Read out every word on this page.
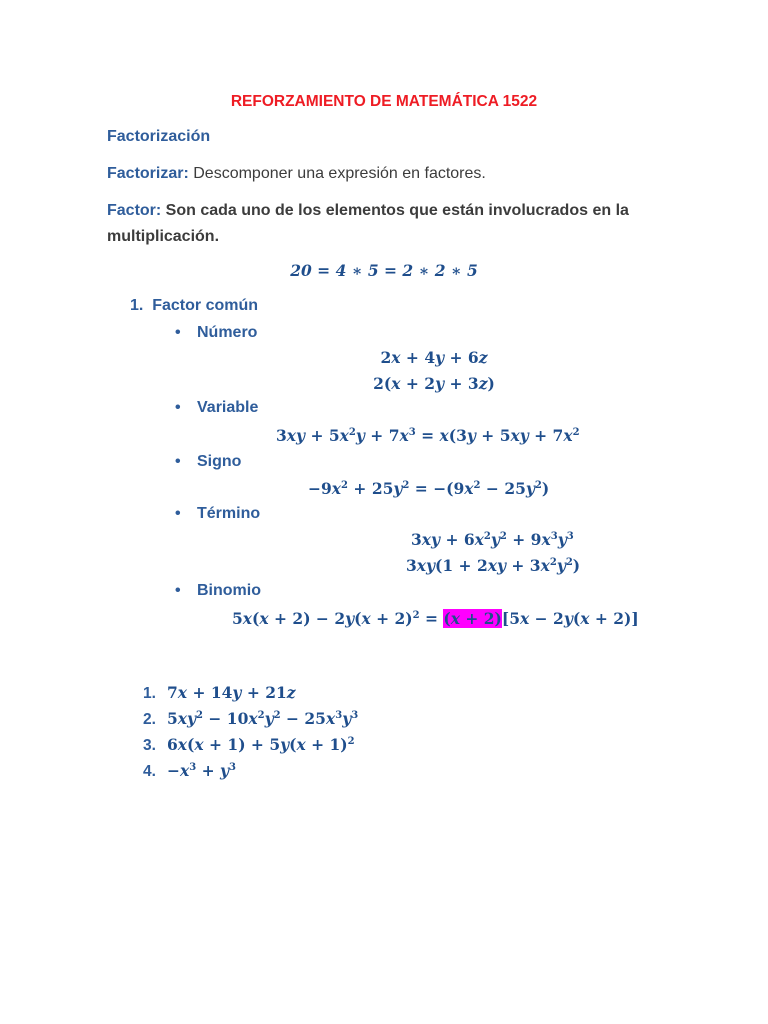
REFORZAMIENTO DE MATEMÁTICA 1522
Factorización
Factorizar: Descomponer una expresión en factores.
Factor: Son cada uno de los elementos que están involucrados en la
multiplicación.
20 = 4 ∗ 5 = 2 ∗ 2 ∗ 5
1. Factor común
• Número
2x + 4y + 6z
2(x + 2y + 3z)
• Variable
$3xy + 5x^2y + 7x^3 = x(3y + 5xy + 7x^2$
• Signo
$-9x^2 + 25y^2 = -(9x^2 - 25y^2)$
• Término
$3xy + 6x^2y^2 + 9x^3y^3$
$3xy(1 + 2xy + 3x^2y^2)$
• Binomio
$5x(x + 2) - 2y(x + 2)^2 = (x + 2)[5x - 2y(x + 2)]$
1. 7x + 14y + 21z
2. $5xy^2 - 10x^2y^2 - 25x^3y^3$
3. $6x(x + 1) + 5y(x + 1)^2$
4. $-x^3 + y^3$
